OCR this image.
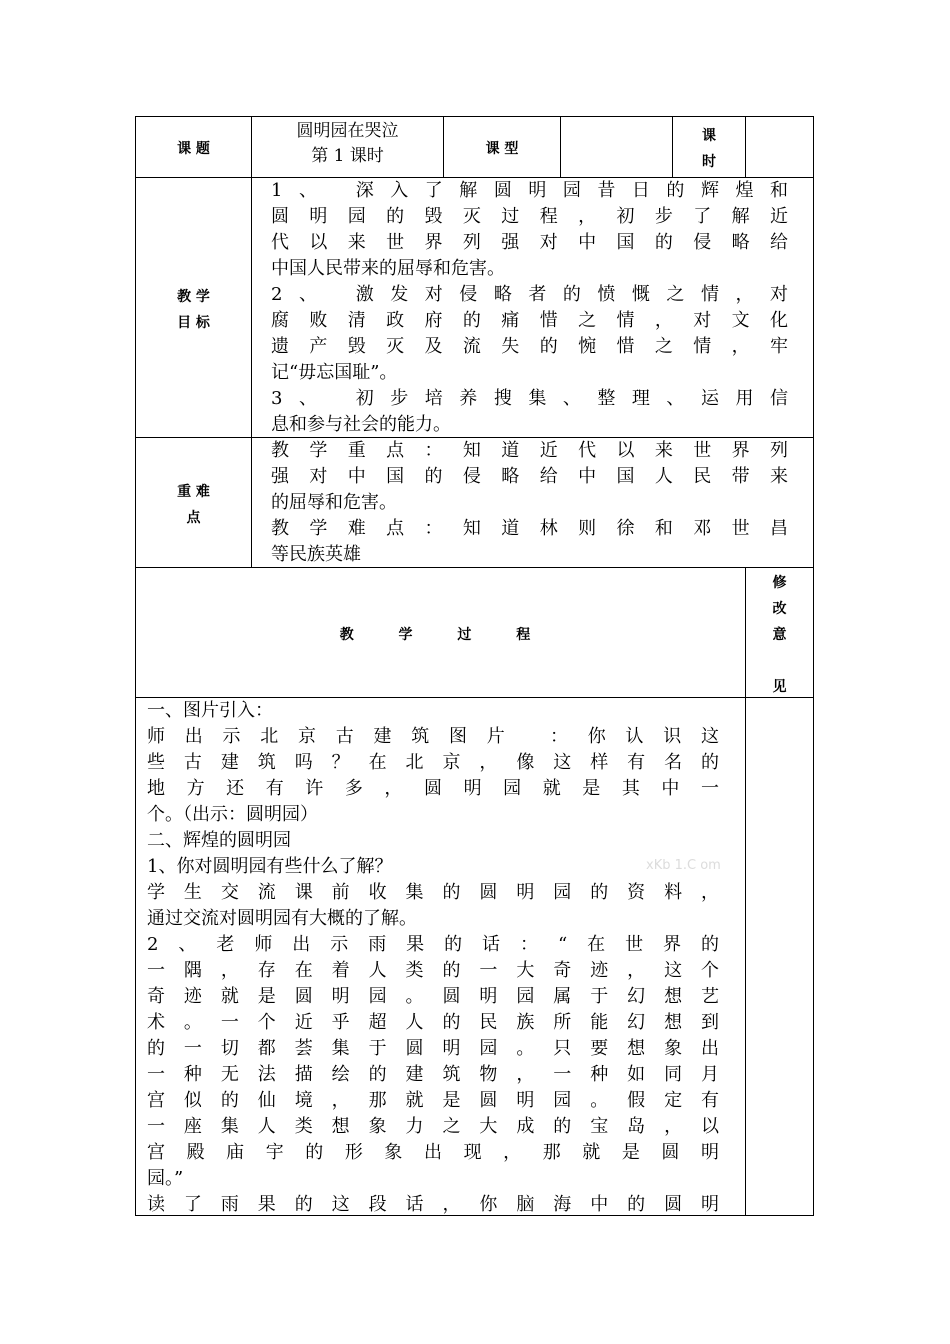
课 题
圆明园在哭泣
第 1 课时	课 型
课
时
教 学
目 标
1、 深入了解圆明园昔日的辉煌和
圆明园的毁灭过程，初步了解近
代以来世界列强对中国的侵略给
中国人民带来的屈辱和危害。
2、 激发对侵略者的愤慨之情，对
腐败清政府的痛惜之情，对文化
遗产毁灭及流失的惋惜之情，牢
记“毋忘国耻”。
3、 初步培养搜集、整理、运用信
息和参与社会的能力。
重 难
点
教学重点：知道近代以来世界列
强对中国的侵略给中国人民带来
的屈辱和危害。
教学难点：知道林则徐和邓世昌
等民族英雄
教 学 过 程
修
改
意
见
一、图片引入：
师出示北京古建筑图片 ：你认识这
些古建筑吗？在北京，像这样有名的
地方还有许多，圆明园就是其中一
个。（出示：圆明园）
二、辉煌的圆明园
1、你对圆明园有些什么了解？
学生交流课前收集的圆明园的资料，
通过交流对圆明园有大概的了解。
2、老师出示雨果的话：“在世界的
一隅，存在着人类的一大奇迹，这个
奇迹就是圆明园。圆明园属于幻想艺
术。一个近乎超人的民族所能幻想到
的一切都荟集于圆明园。只要想象出
一种无法描绘的建筑物，一种如同月
宫似的仙境，那就是圆明园。假定有
一座集人类想象力之大成的宝岛，以
宫殿庙宇的形象出现，那就是圆明
园。”
读了雨果的这段话，你脑海中的圆明
xKb 1.C om
